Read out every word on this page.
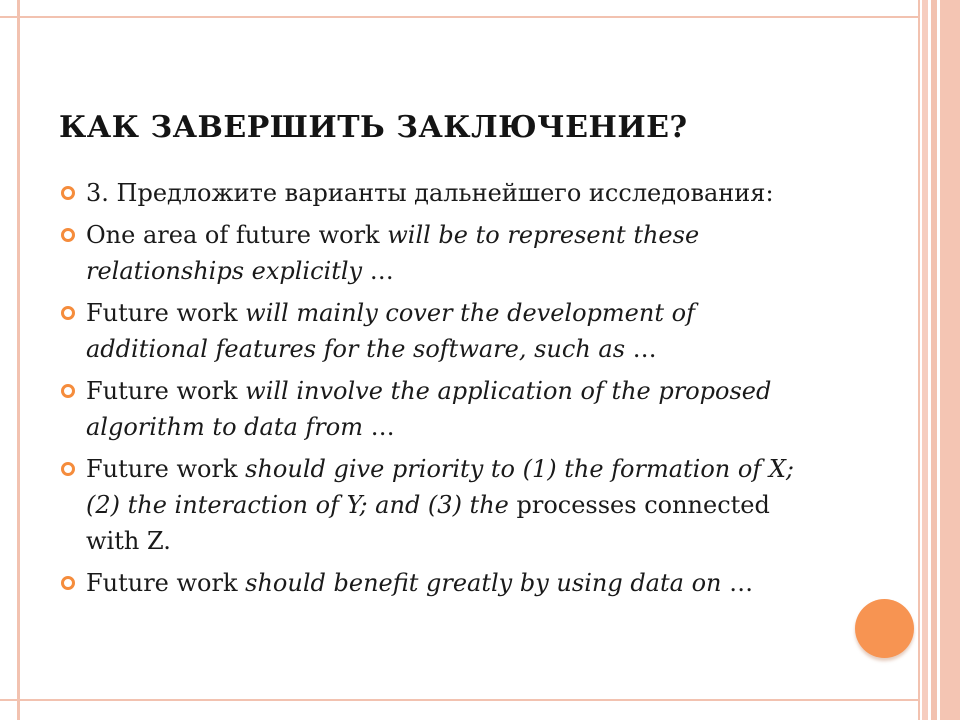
КАК ЗАВЕРШИТЬ ЗАКЛЮЧЕНИЕ?
3. Предложите варианты дальнейшего исследования:
One area of future work will be to represent these relationships explicitly …
Future work will mainly cover the development of additional features for the software, such as …
Future work will involve the application of the proposed algorithm to data from …
Future work should give priority to (1) the formation of X; (2) the interaction of Y; and (3) the processes connected with Z.
Future work should benefit greatly by using data on …
